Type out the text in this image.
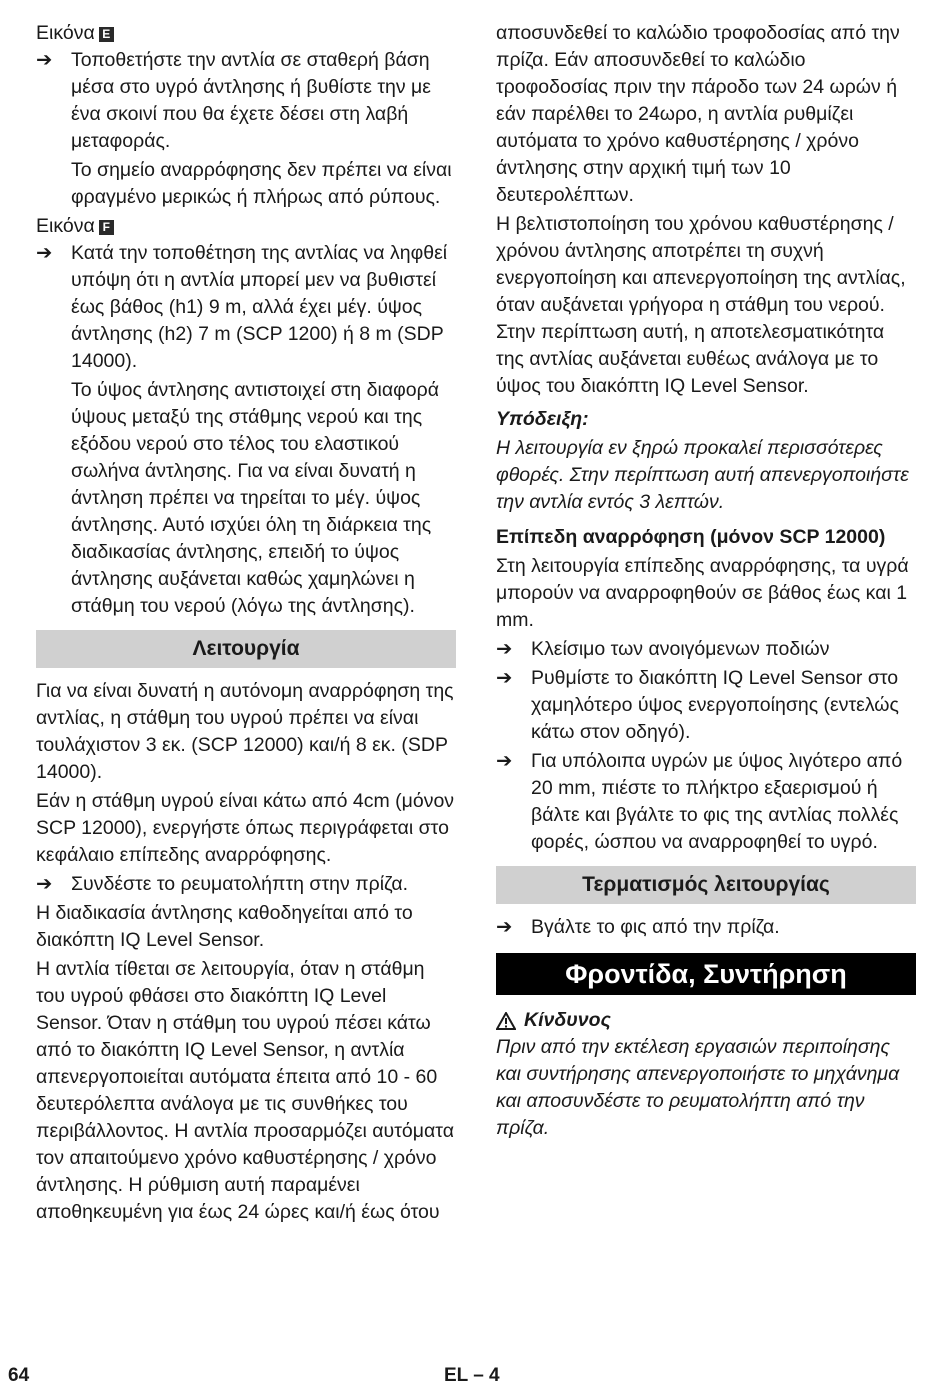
Εικόνα E

➔ Τοποθετήστε την αντλία σε σταθερή βάση μέσα στο υγρό άντλησης ή βυθίστε την με ένα σκοινί που θα έχετε δέσει στη λαβή μεταφοράς.

Το σημείο αναρρόφησης δεν πρέπει να είναι φραγμένο μερικώς ή πλήρως από ρύπους.

Εικόνα F

➔ Κατά την τοποθέτηση της αντλίας να ληφθεί υπόψη ότι η αντλία μπορεί μεν να βυθιστεί έως βάθος (h1) 9 m, αλλά έχει μέγ. ύψος άντλησης (h2) 7 m (SCP 1200) ή 8 m (SDP 14000).

Το ύψος άντλησης αντιστοιχεί στη διαφορά ύψους μεταξύ της στάθμης νερού και της εξόδου νερού στο τέλος του ελαστικού σωλήνα άντλησης. Για να είναι δυνατή η άντληση πρέπει να τηρείται το μέγ. ύψος άντλησης. Αυτό ισχύει όλη τη διάρκεια της διαδικασίας άντλησης, επειδή το ύψος άντλησης αυξάνεται καθώς χαμηλώνει η στάθμη του νερού (λόγω της άντλησης).

Λειτουργία

Για να είναι δυνατή η αυτόνομη αναρρόφηση της αντλίας, η στάθμη του υγρού πρέπει να είναι τουλάχιστον 3 εκ. (SCP 12000) και/ή 8 εκ. (SDP 14000).

Εάν η στάθμη υγρού είναι κάτω από 4cm (μόνον SCP 12000), ενεργήστε όπως περιγράφεται στο κεφάλαιο επίπεδης αναρρόφησης.

➔ Συνδέστε το ρευματολήπτη στην πρίζα.

Η διαδικασία άντλησης καθοδηγείται από το διακόπτη IQ Level Sensor.

Η αντλία τίθεται σε λειτουργία, όταν η στάθμη του υγρού φθάσει στο διακόπτη IQ Level Sensor. Όταν η στάθμη του υγρού πέσει κάτω από το διακόπτη IQ Level Sensor, η αντλία απενεργοποιείται αυτόματα έπειτα από 10 - 60 δευτερόλεπτα ανάλογα με τις συνθήκες του περιβάλλοντος. Η αντλία προσαρμόζει αυτόματα τον απαιτούμενο χρόνο καθυστέρησης / χρόνο άντλησης. Η ρύθμιση αυτή παραμένει αποθηκευμένη για έως 24 ώρες και/ή έως ότου

αποσυνδεθεί το καλώδιο τροφοδοσίας από την πρίζα. Εάν αποσυνδεθεί το καλώδιο τροφοδοσίας πριν την πάροδο των 24 ωρών ή εάν παρέλθει το 24ωρο, η αντλία ρυθμίζει αυτόματα το χρόνο καθυστέρησης / χρόνο άντλησης στην αρχική τιμή των 10 δευτερολέπτων.

Η βελτιστοποίηση του χρόνου καθυστέρησης / χρόνου άντλησης αποτρέπει τη συχνή ενεργοποίηση και απενεργοποίηση της αντλίας, όταν αυξάνεται γρήγορα η στάθμη του νερού. Στην περίπτωση αυτή, η αποτελεσματικότητα της αντλίας αυξάνεται ευθέως ανάλογα με το ύψος του διακόπτη IQ Level Sensor.

Υπόδειξη:

Η λειτουργία εν ξηρώ προκαλεί περισσότερες φθορές. Στην περίπτωση αυτή απενεργοποιήστε την αντλία εντός 3 λεπτών.

Επίπεδη αναρρόφηση (μόνον SCP 12000)

Στη λειτουργία επίπεδης αναρρόφησης, τα υγρά μπορούν να αναρροφηθούν σε βάθος έως και 1 mm.

➔ Κλείσιμο των ανοιγόμενων ποδιών
➔ Ρυθμίστε το διακόπτη IQ Level Sensor στο χαμηλότερο ύψος ενεργοποίησης (εντελώς κάτω στον οδηγό).
➔ Για υπόλοιπα υγρών με ύψος λιγότερο από 20 mm, πιέστε το πλήκτρο εξαερισμού ή βάλτε και βγάλτε το φις της αντλίας πολλές φορές, ώσπου να αναρροφηθεί το υγρό.
Τερματισμός λειτουργίας
➔ Βγάλτε το φις από την πρίζα.
Φροντίδα, Συντήρηση
Κίνδυνος

Πριν από την εκτέλεση εργασιών περιποίησης και συντήρησης απενεργοποιήστε το μηχάνημα και αποσυνδέστε το ρευματολήπτη από την πρίζα.

64	EL – 4
